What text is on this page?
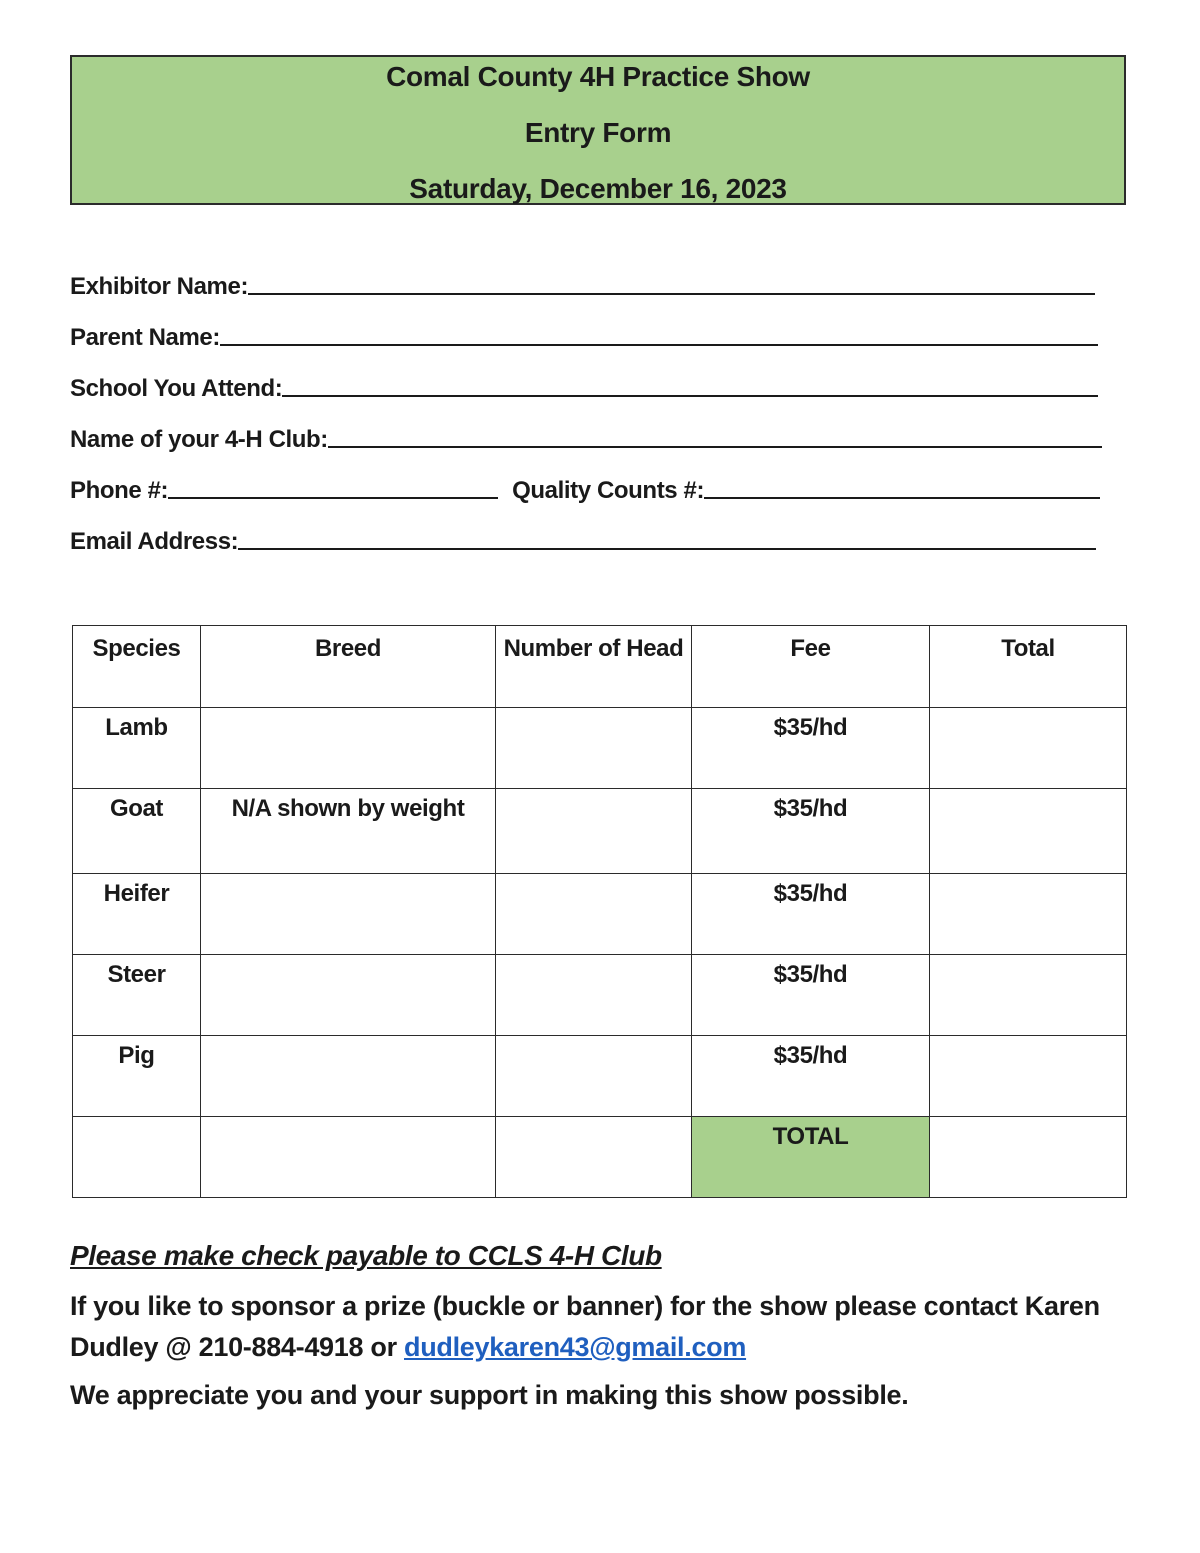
Comal County 4H Practice Show
Entry Form
Saturday, December 16, 2023
Exhibitor Name:
Parent Name:
School You Attend:
Name of your 4-H Club:
Phone #:	Quality Counts #:
Email Address:
Species	Breed	Number of Head	Fee	Total
Lamb			$35/hd	
Goat	N/A shown by weight		$35/hd	
Heifer			$35/hd	
Steer			$35/hd	
Pig			$35/hd	
			TOTAL	

Please make check payable to CCLS 4-H Club

If you like to sponsor a prize (buckle or banner) for the show please contact Karen Dudley @ 210-884-4918 or dudleykaren43@gmail.com

We appreciate you and your support in making this show possible.
